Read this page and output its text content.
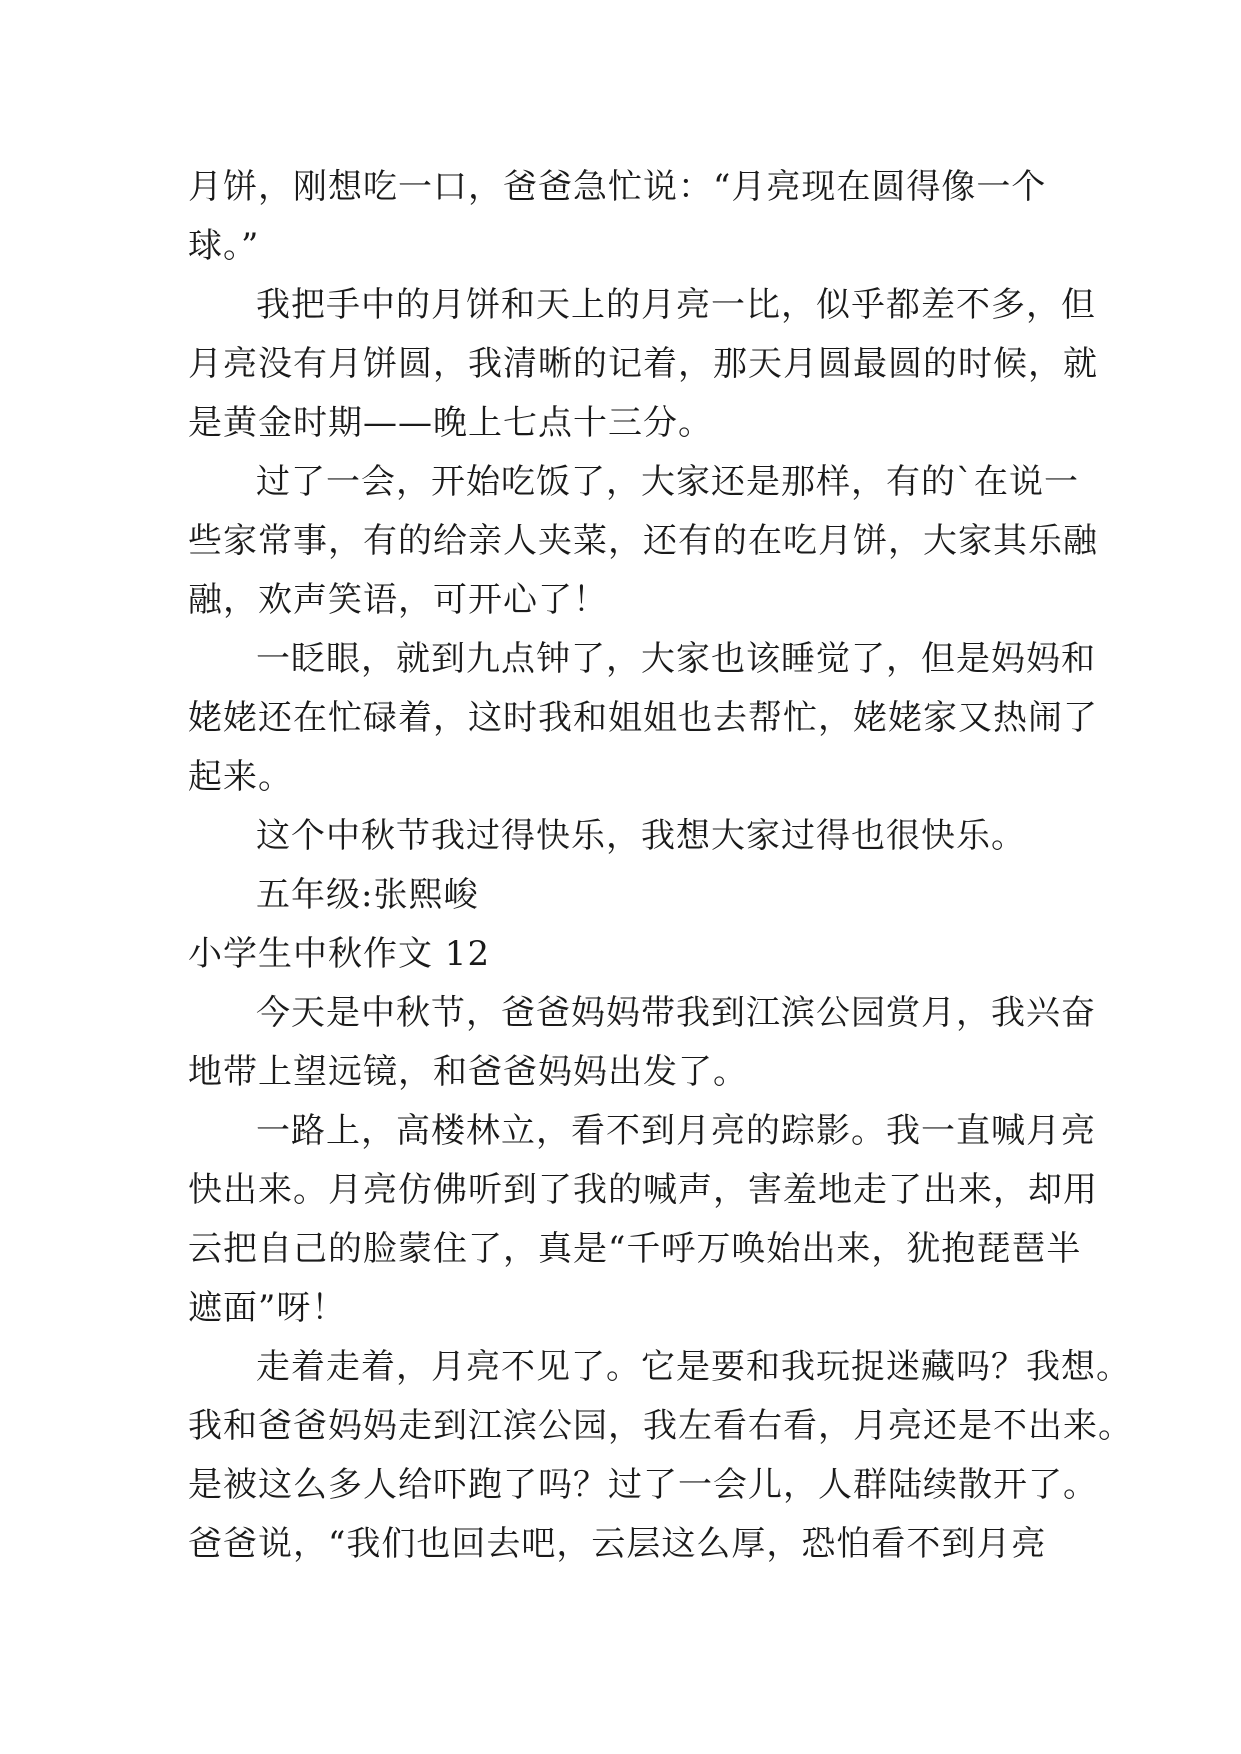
月饼，刚想吃一口，爸爸急忙说：“月亮现在圆得像一个
球。”
我把手中的月饼和天上的月亮一比，似乎都差不多，但
月亮没有月饼圆，我清晰的记着，那天月圆最圆的时候，就
是黄金时期——晚上七点十三分。
过了一会，开始吃饭了，大家还是那样，有的`在说一
些家常事，有的给亲人夹菜，还有的在吃月饼，大家其乐融
融，欢声笑语，可开心了！
一眨眼，就到九点钟了，大家也该睡觉了，但是妈妈和
姥姥还在忙碌着，这时我和姐姐也去帮忙，姥姥家又热闹了
起来。
这个中秋节我过得快乐，我想大家过得也很快乐。
五年级:张熙峻
小学生中秋作文 12
今天是中秋节，爸爸妈妈带我到江滨公园赏月，我兴奋
地带上望远镜，和爸爸妈妈出发了。
一路上，高楼林立，看不到月亮的踪影。我一直喊月亮
快出来。月亮仿佛听到了我的喊声，害羞地走了出来，却用
云把自己的脸蒙住了，真是“千呼万唤始出来，犹抱琵琶半
遮面”呀！
走着走着，月亮不见了。它是要和我玩捉迷藏吗？我想。
我和爸爸妈妈走到江滨公园，我左看右看，月亮还是不出来。
是被这么多人给吓跑了吗？过了一会儿，人群陆续散开了。
爸爸说，“我们也回去吧，云层这么厚，恐怕看不到月亮
